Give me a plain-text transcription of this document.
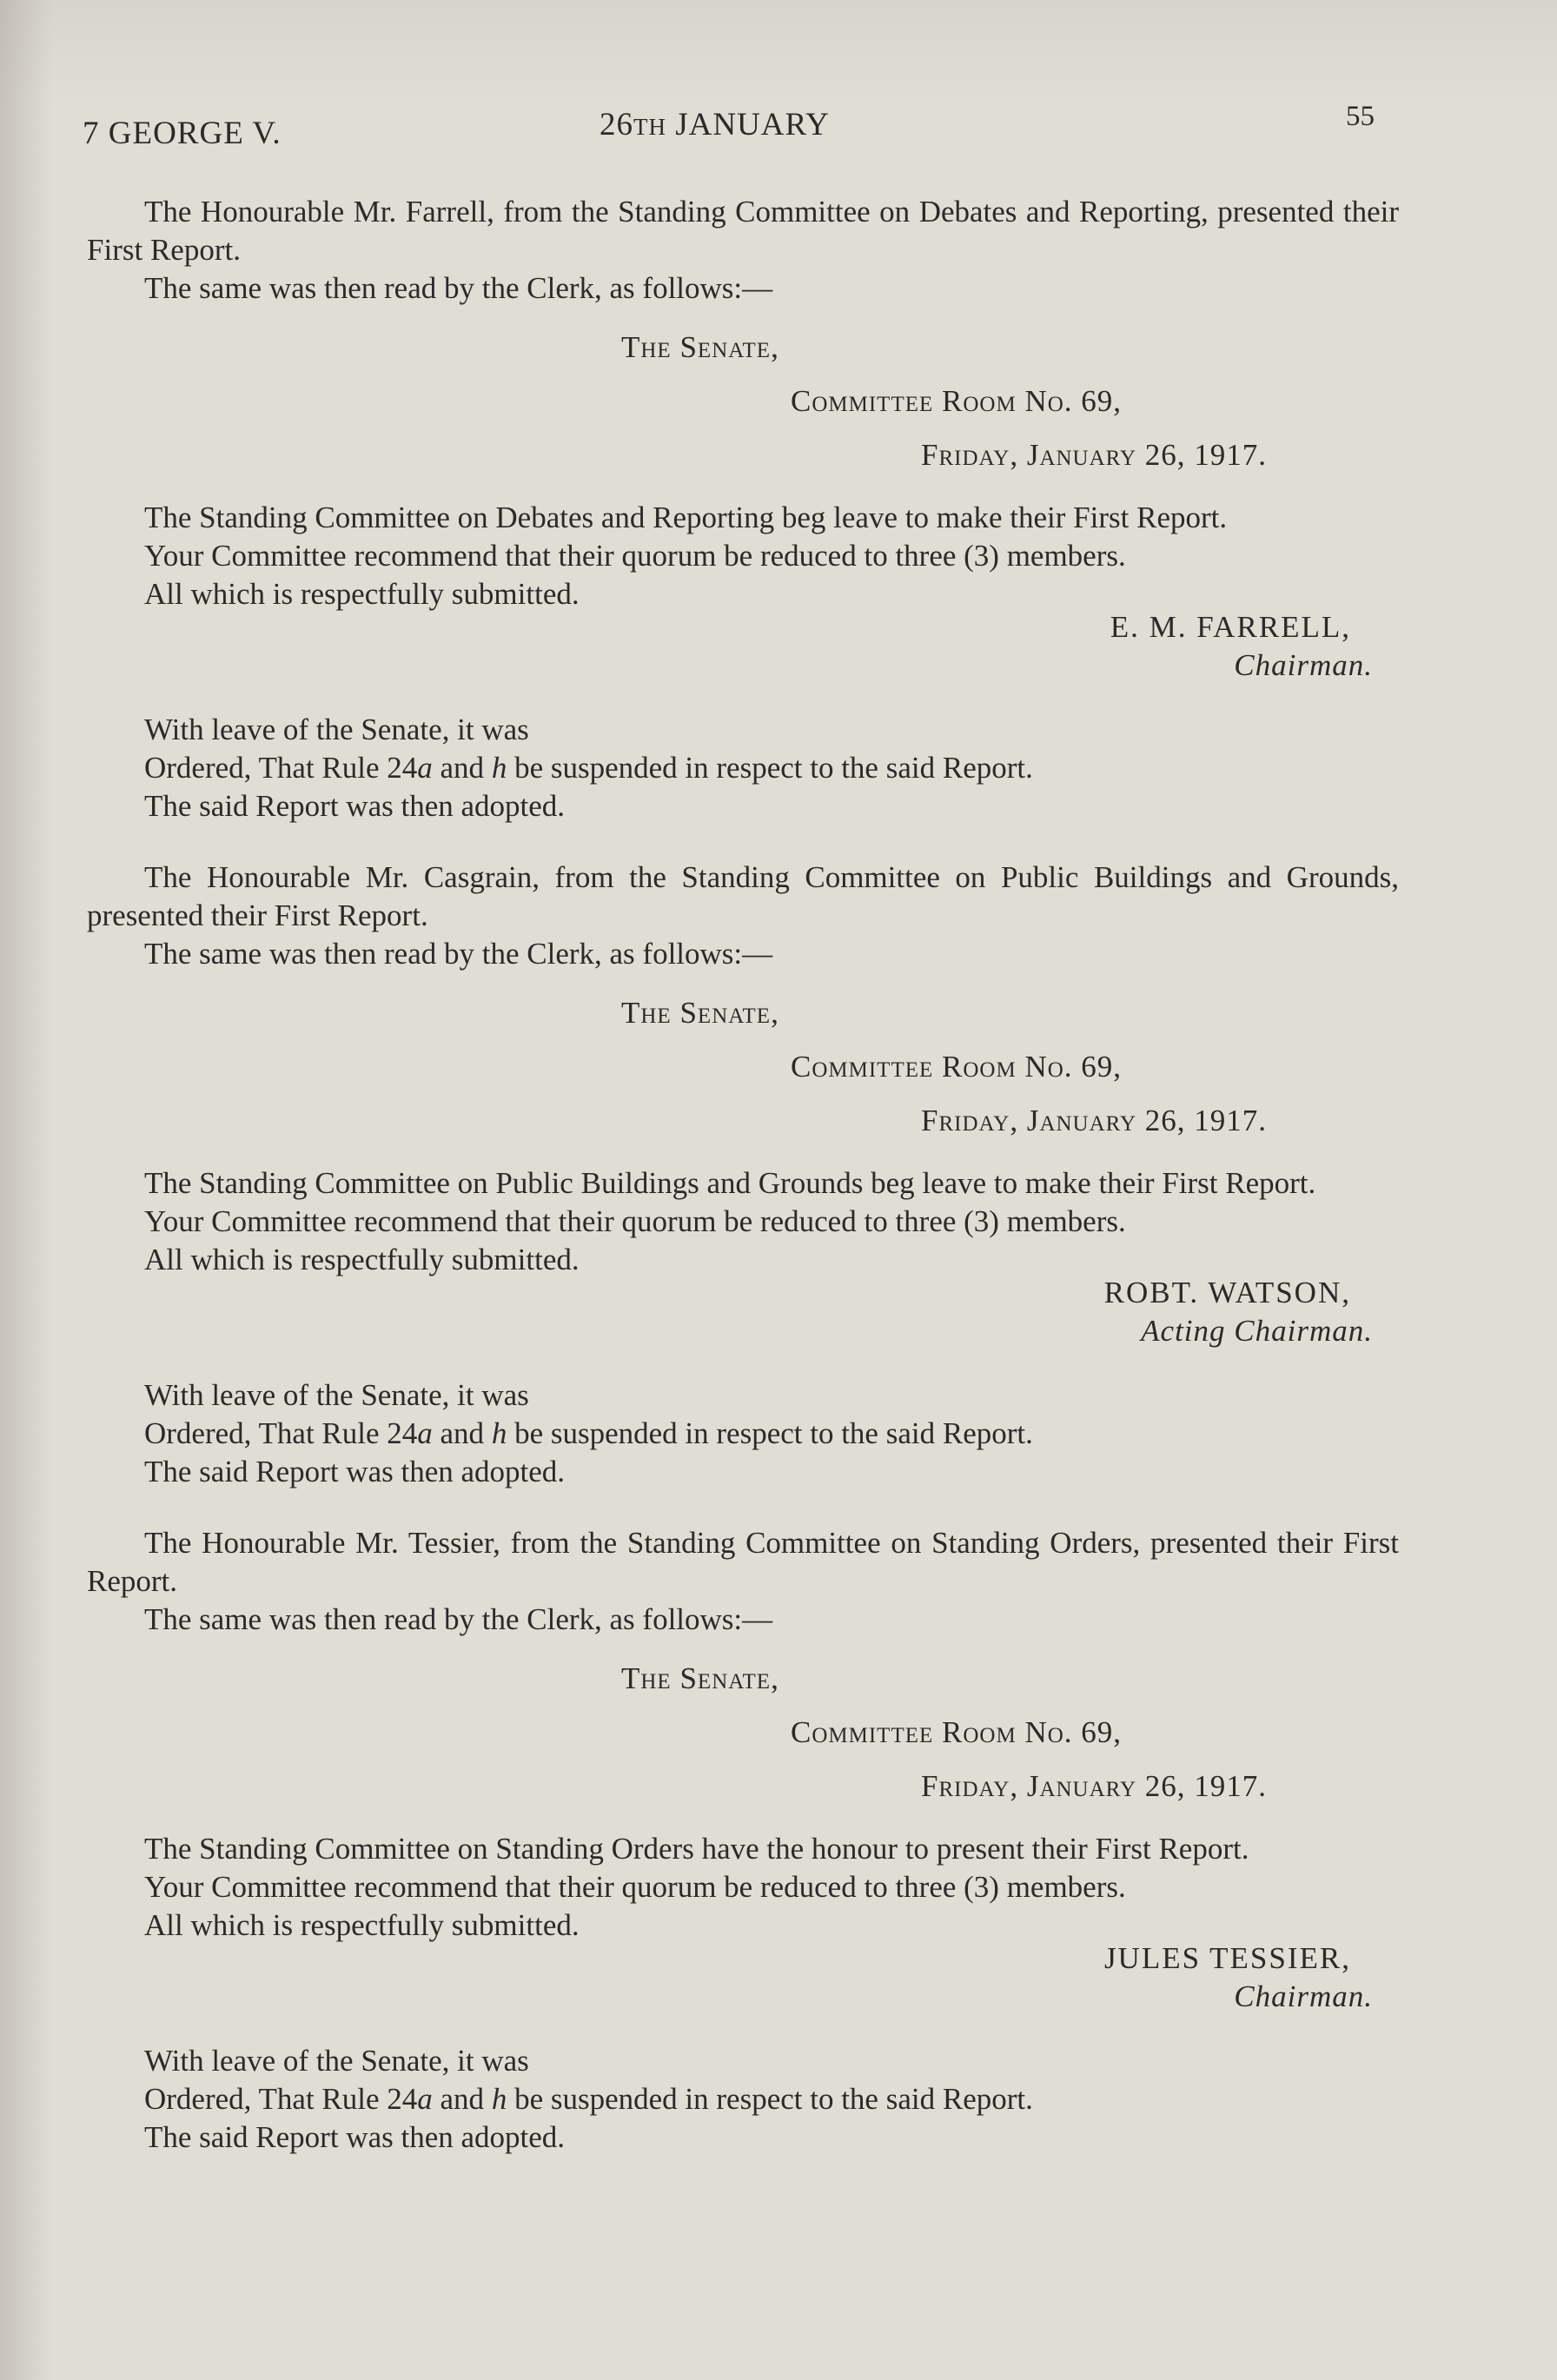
7 GEORGE V.	26TH JANUARY	55

The Honourable Mr. Farrell, from the Standing Committee on Debates and Reporting, presented their First Report.

The same was then read by the Clerk, as follows:—

The Senate,
Committee Room No. 69,
Friday, January 26, 1917.

The Standing Committee on Debates and Reporting beg leave to make their First Report.

Your Committee recommend that their quorum be reduced to three (3) members.

All which is respectfully submitted.

E. M. FARRELL,
Chairman.

With leave of the Senate, it was

Ordered, That Rule 24a and h be suspended in respect to the said Report.

The said Report was then adopted.

The Honourable Mr. Casgrain, from the Standing Committee on Public Buildings and Grounds, presented their First Report.

The same was then read by the Clerk, as follows:—

The Senate,
Committee Room No. 69,
Friday, January 26, 1917.

The Standing Committee on Public Buildings and Grounds beg leave to make their First Report.

Your Committee recommend that their quorum be reduced to three (3) members.

All which is respectfully submitted.

ROBT. WATSON,
Acting Chairman.

With leave of the Senate, it was

Ordered, That Rule 24a and h be suspended in respect to the said Report.

The said Report was then adopted.

The Honourable Mr. Tessier, from the Standing Committee on Standing Orders, presented their First Report.

The same was then read by the Clerk, as follows:—

The Senate,
Committee Room No. 69,
Friday, January 26, 1917.

The Standing Committee on Standing Orders have the honour to present their First Report.

Your Committee recommend that their quorum be reduced to three (3) members.

All which is respectfully submitted.

JULES TESSIER,
Chairman.

With leave of the Senate, it was

Ordered, That Rule 24a and h be suspended in respect to the said Report.

The said Report was then adopted.
